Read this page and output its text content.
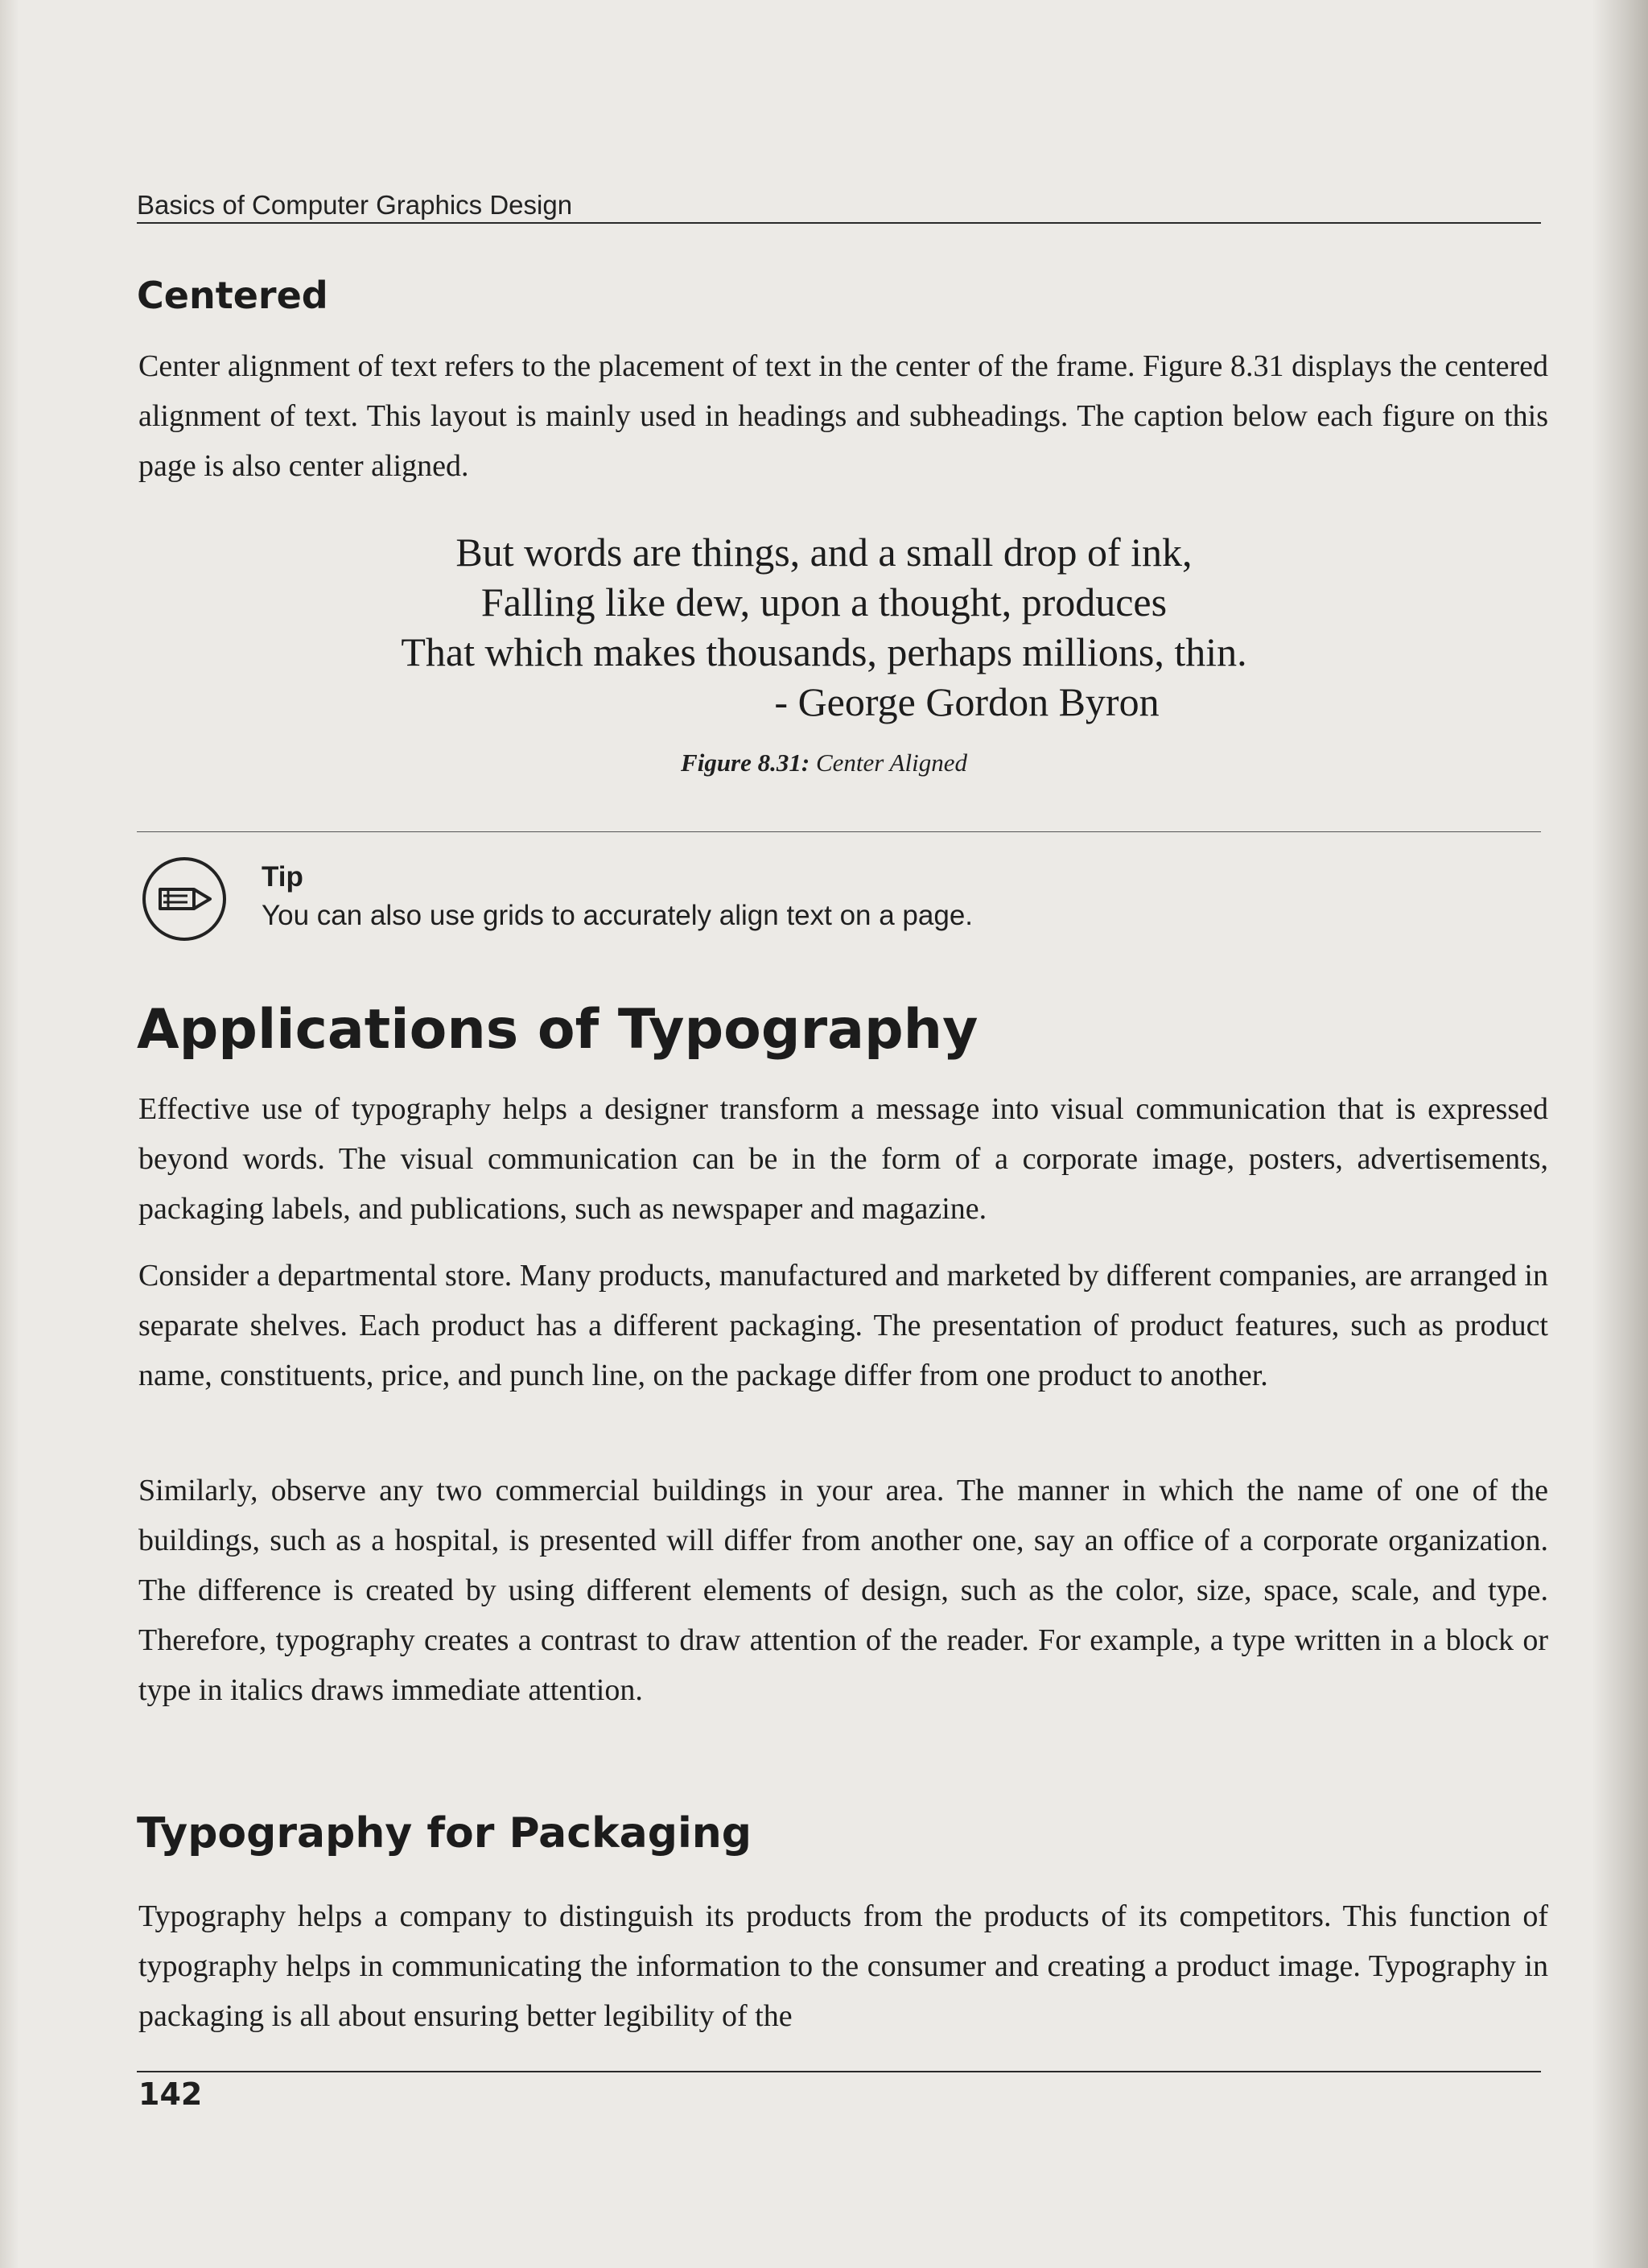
Basics of Computer Graphics Design
Centered
Center alignment of text refers to the placement of text in the center of the frame. Figure 8.31 displays the centered alignment of text. This layout is mainly used in headings and subheadings. The caption below each figure on this page is also center aligned.
But words are things, and a small drop of ink,
Falling like dew, upon a thought, produces
That which makes thousands, perhaps millions, thin.
- George Gordon Byron
Figure 8.31: Center Aligned
Tip
You can also use grids to accurately align text on a page.
Applications of Typography
Effective use of typography helps a designer transform a message into visual communication that is expressed beyond words. The visual communication can be in the form of a corporate image, posters, advertisements, packaging labels, and publications, such as newspaper and magazine.
Consider a departmental store. Many products, manufactured and marketed by different companies, are arranged in separate shelves. Each product has a different packaging. The presentation of product features, such as product name, constituents, price, and punch line, on the package differ from one product to another.
Similarly, observe any two commercial buildings in your area. The manner in which the name of one of the buildings, such as a hospital, is presented will differ from another one, say an office of a corporate organization. The difference is created by using different elements of design, such as the color, size, space, scale, and type. Therefore, typography creates a contrast to draw attention of the reader. For example, a type written in a block or type in italics draws immediate attention.
Typography for Packaging
Typography helps a company to distinguish its products from the products of its competitors. This function of typography helps in communicating the information to the consumer and creating a product image. Typography in packaging is all about ensuring better legibility of the
142
